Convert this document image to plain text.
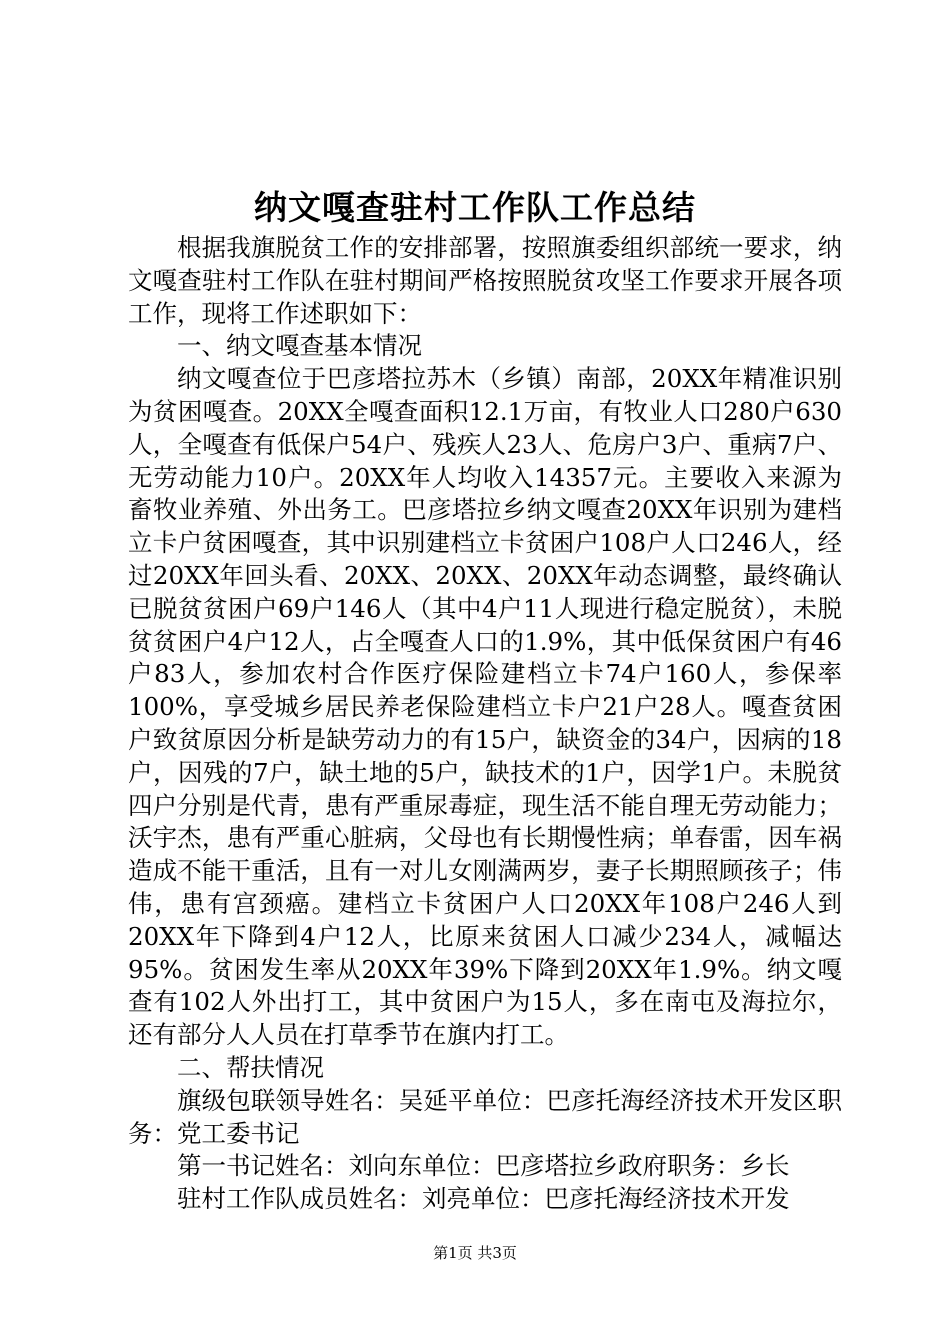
纳文嘎查驻村工作队工作总结

根据我旗脱贫工作的安排部署，按照旗委组织部统一要求，纳文嘎查驻村工作队在驻村期间严格按照脱贫攻坚工作要求开展各项工作，现将工作述职如下：

一、纳文嘎查基本情况

纳文嘎查位于巴彦塔拉苏木（乡镇）南部，20XX年精准识别为贫困嘎查。20XX全嘎查面积12.1万亩，有牧业人口280户630人，全嘎查有低保户54户、残疾人23人、危房户3户、重病7户、无劳动能力10户。20XX年人均收入14357元。主要收入来源为畜牧业养殖、外出务工。巴彦塔拉乡纳文嘎查20XX年识别为建档立卡户贫困嘎查，其中识别建档立卡贫困户108户人口246人，经过20XX年回头看、20XX、20XX、20XX年动态调整，最终确认已脱贫贫困户69户146人（其中4户11人现进行稳定脱贫），未脱贫贫困户4户12人，占全嘎查人口的1.9%，其中低保贫困户有46户83人，参加农村合作医疗保险建档立卡74户160人，参保率100%，享受城乡居民养老保险建档立卡户21户28人。嘎查贫困户致贫原因分析是缺劳动力的有15户，缺资金的34户，因病的18户，因残的7户，缺土地的5户，缺技术的1户，因学1户。未脱贫四户分别是代青，患有严重尿毒症，现生活不能自理无劳动能力；沃宇杰，患有严重心脏病，父母也有长期慢性病；单春雷，因车祸造成不能干重活，且有一对儿女刚满两岁，妻子长期照顾孩子；伟伟，患有宫颈癌。建档立卡贫困户人口20XX年108户246人到20XX年下降到4户12人，比原来贫困人口减少234人，减幅达95%。贫困发生率从20XX年39%下降到20XX年1.9%。纳文嘎查有102人外出打工，其中贫困户为15人，多在南屯及海拉尔，还有部分人人员在打草季节在旗内打工。

二、帮扶情况

旗级包联领导姓名：吴延平单位：巴彦托海经济技术开发区职务：党工委书记

第一书记姓名：刘向东单位：巴彦塔拉乡政府职务：乡长

驻村工作队成员姓名：刘亮单位：巴彦托海经济技术开发

第1页 共3页
